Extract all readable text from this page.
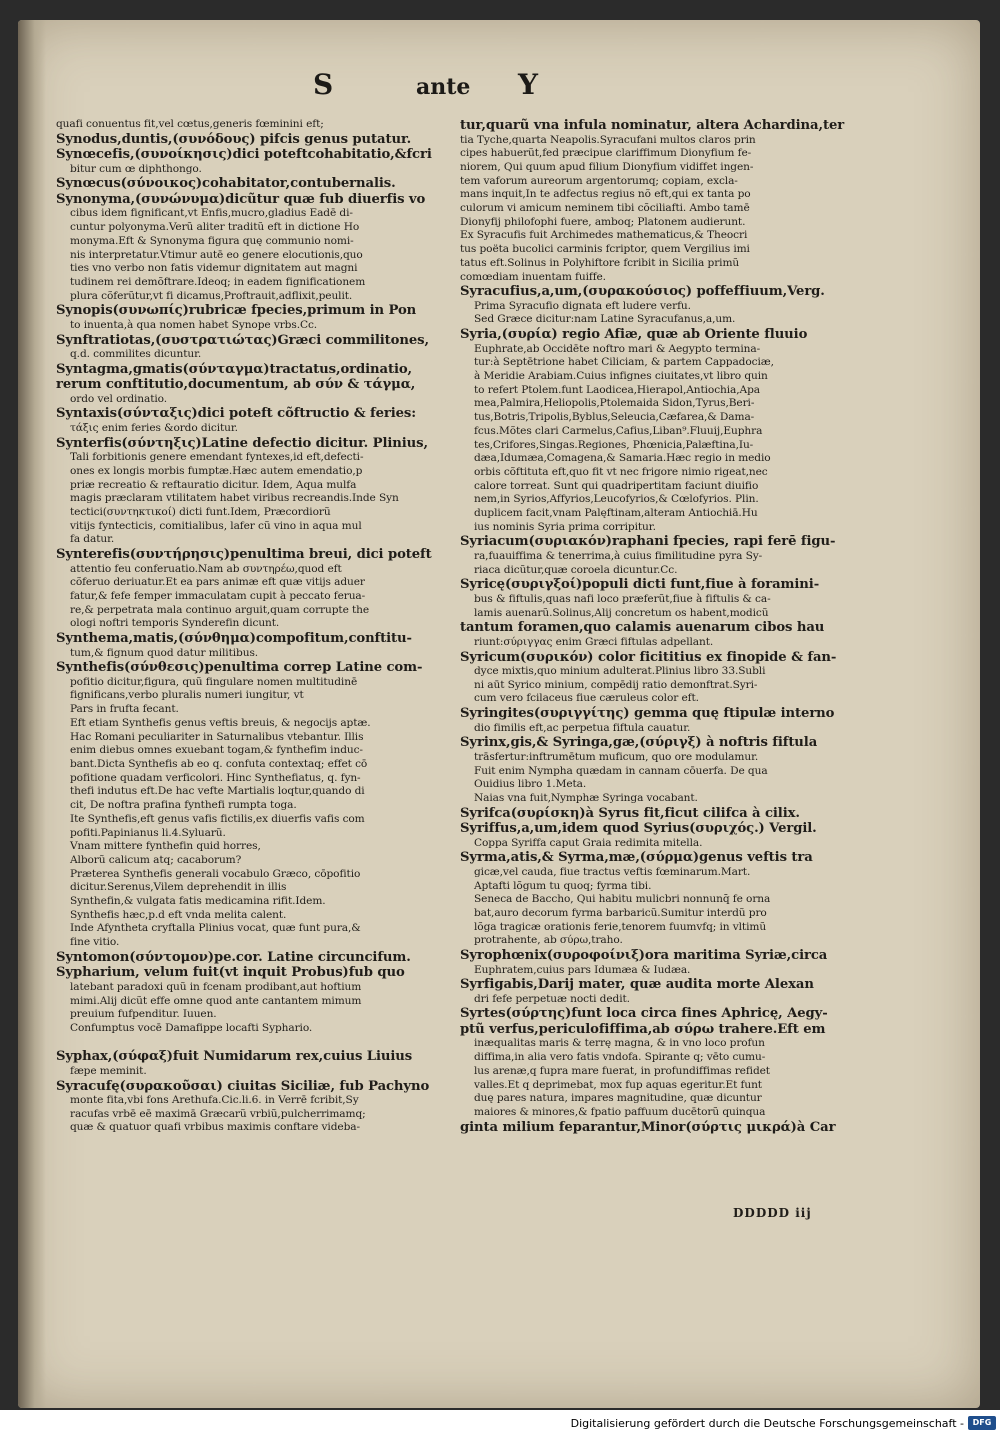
S	ante Y
quafi conuentus fit,vel cœtus,generis fœminini eft;
Synodus,duntis,(συνόδους) pifcis genus putatur.
Synœcefis,(συνοίκησις)dici poteftcohabitatio,&fcri
bitur cum œ diphthongo.
Synœcus(σύνοικος)cohabitator,contubernalis.
Synonyma,(συνώνυμα)dicũtur quæ fub diuerfis vo
cibus idem fignificant,vt Enfis,mucro,gladius Eadē di-
cuntur polyonyma.Verũ aliter traditũ eft in dictione Ho
monyma.Eft & Synonyma figura quę communio nomi-
nis interpretatur.Vtimur autē eo genere elocutionis,quo
ties vno verbo non fatis videmur dignitatem aut magni
tudinem rei demõftrare.Ideoq; in eadem fignificationem
plura cõferũtur,vt fi dicamus,Proftrauit,adflixit,peulit.
Synopis(συνωπίς)rubricæ fpecies,primum in Pon
to inuenta,à qua nomen habet Synope vrbs.Cc.
Synftratiotas,(συστρατιώτας)Græci commilitones,
q.d. commilites dicuntur.
Syntagma,gmatis(σύνταγμα)tractatus,ordinatio,
rerum conftitutio,documentum, ab σύν & τάγμα,
ordo vel ordinatio.
Syntaxis(σύνταξις)dici poteft cõftructio & feries:
τάξις enim feries &ordo dicitur.
Synterfis(σύντηξις)Latine defectio dicitur. Plinius,
Tali forbitionis genere emendant fyntexes,id eft,defecti-
ones ex longis morbis fumptæ.Hæc autem emendatio,p
priæ recreatio & reftauratio dicitur. Idem, Aqua mulfa
magis præclaram vtilitatem habet viribus recreandis.Inde Syn
tectici(συντηκτικοί) dicti funt.Idem, Præcordiorũ
vitijs fyntecticis, comitialibus, lafer cũ vino in aqua mul
fa datur.
Synterefis(συντήρησις)penultima breui, dici poteft
attentio feu conferuatio.Nam ab συντηρέω,quod eft
cõferuo deriuatur.Et ea pars animæ eft quæ vitijs aduer
fatur,& fefe femper immaculatam cupit à peccato feruа-
re,& perpetrata mala continuo arguit,quam corrupte the
ologi noftri temporis Synderefin dicunt.
Synthema,matis,(σύνθημα)compofitum,conftitu-
tum,& fignum quod datur militibus.
Synthefis(σύνθεσις)penultima correp Latine com-
pofitio dicitur,figura, quũ fingulare nomen multitudinē
fignificans,verbo pluralis numeri iungitur, vt
Pars in frufta fecant.
Eft etiam Synthefis genus veftis breuis, & negocijs aptæ.
Hac Romani peculiariter in Saturnalibus vtebantur. Illis
enim diebus omnes exuebant togam,& fynthefim induc-
bant.Dicta Synthefis ab eo q. confuta contextaq; effet cō
pofitione quadam verficolori. Hinc Synthefiatus, q. fyn-
thefi indutus eft.De hac vefte Martialis loqtur,quando di
cit, De noftra prafina fynthefi rumpta toga.
Ite Synthefis,eft genus vafis fictilis,ex diuerfis vafis com
pofiti.Papinianus li.4.Syluarũ.
Vnam mittere fynthefin quid horres,
Alborũ calicum atq; cacaborum?
Præterea Synthefis generali vocabulo Græco, cōpofitio
dicitur.Serenus,Vilem deprehendit in illis
Synthefin,& vulgata fatis medicamina rifit.Idem.
Synthefis hæc,p.d eft vnda melita calent.
Inde Afyntheta cryftalla Plinius vocat, quæ funt pura,&
fine vitio.
Syntomon(σύντομον)pe.cor. Latine circuncifum.
Sypharium, velum fuit(vt inquit Probus)fub quo
latebant paradoxi quũ in fcenam prodibant,aut hoftium
mimi.Alij dicũt effe omne quod ante cantantem mimum
preuium fufpenditur. Iuuen.
Confumptus vocē Damafippe locafti Syphario.

Syphax,(σύφαξ)fuit Numidarum rex,cuius Liuius
fæpe meminit.
Syracufę(συρακοῦσαι) ciuitas Siciliæ, fub Pachyno
monte fita,vbi fons Arethufa.Cic.li.6. in Verrē fcribit,Sy
racufas vrbē eē maximā Græcarũ vrbiũ,pulcherrimamq;
quæ & quatuor quafi vrbibus maximis conftare videba-
tur,quarũ vna infula nominatur, altera Achardina,ter
tia Tyche,quarta Neapolis.Syracufani multos claros prin
cipes habuerũt,fed præcipue clariffimum Dionyfium fe-
niorem, Qui quum apud filium Dionyfium vidiffet ingen-
tem vaforum aureorum argentorumq; copiam, excla-
mans inquit,In te adfectus regius nõ eft,qui ex tanta po
culorum vi amicum neminem tibi cõciliafti. Ambo tamē
Dionyfij philofophi fuere, amboq; Platonem audierunt.
Ex Syracufis fuit Archimedes mathematicus,& Theocri
tus poëta bucolici carminis fcriptor, quem Vergilius imi
tatus eft.Solinus in Polyhiftore fcribit in Sicilia primũ
comœdiam inuentam fuiffe.
Syracufius,a,um,(συρακούσιος) poffeffiuum,Verg.
Prima Syracufio dignata eft ludere verfu.
Sed Græce dicitur:nam Latine Syracufanus,a,um.
Syria,(συρία) regio Afiæ, quæ ab Oriente fluuio
Euphrate,ab Occidēte noftro mari & Aegypto termina-
tur:à Septētrione habet Ciliciam, & partem Cappadociæ,
à Meridie Arabiam.Cuius infignes ciuitates,vt libro quin
to refert Ptolem.funt Laodicea,Hierapol,Antiochia,Apa
mea,Palmira,Heliopolis,Ptolemaida Sidon,Tyrus,Beri-
tus,Botris,Tripolis,Byblus,Seleucia,Cæfarea,& Dama-
fcus.Mõtes clari Carmelus,Cafius,Liban⁹.Fluuij,Euphra
tes,Crifores,Singas.Regiones, Phœnicia,Palæftina,Iu-
dæa,Idumæa,Comagena,& Samaria.Hæc regio in medio
orbis cõftituta eft,quo fit vt nec frigore nimio rigeat,nec
calore torreat. Sunt qui quadripertitam faciunt diuifio
nem,in Syrios,Affyrios,Leucofyrios,& Cœlofyrios. Plin.
duplicem facit,vnam Palęftinam,alteram Antiochiā.Hu
ius nominis Syria prima corripitur.
Syriacum(συριακόν)raphani fpecies, rapi ferē figu-
ra,fuauiffima & tenerrima,à cuius fimilitudine pyra Sy-
riaca dicũtur,quæ coroela dicuntur.Cc.
Syricę(συριγξοί)populi dicti funt,fiue à foramini-
bus & fiftulis,quas nafi loco præferũt,fiue à fiftulis & ca-
lamis auenarũ.Solinus,Alij concretum os habent,modicũ
tantum foramen,quo calamis auenarum cibos hau
riunt:σύριγγας enim Græci fiftulas adpellant.
Syricum(συρικόν) color ficititius ex finopide & fan-
dyce mixtis,quo minium adulterat.Plinius libro 33.Subli
ni aūt Syrico minium, compēdij ratio demonftrat.Syri-
cum vero fcilaceus fiue cæruleus color eft.
Syringites(συριγγίτης) gemma quę ftipulæ interno
dio fimilis eft,ac perpetua fiftula cauatur.
Syrinx,gis,& Syringa,gæ,(σύριγξ) à noftris fiftula
trāsfertur:inftrumētum muficum, quo ore modulamur.
Fuit enim Nympha quædam in cannam cōuerfa. De qua
Ouidius libro 1.Meta.
Naias vna fuit,Nymphæ Syringa vocabant.
Syrifca(συρίσκη)à Syrus fit,ficut cilifca à cilix.
Syriffus,a,um,idem quod Syrius(συριχός.) Vergil.
Coppa Syriffa caput Graia redimita mitella.
Syrma,atis,& Syrma,mæ,(σύρμα)genus veftis tra
gicæ,vel cauda, fiue tractus veftis fœminarum.Mart.
Aptafti lõgum tu quoq; fyrma tibi.
Seneca de Baccho, Qui habitu mulicbri nonnunq̄ fe orna
bat,auro decorum fyrma barbaricũ.Sumitur interdũ pro
lõga tragicæ orationis ferie,tenorem fuumvfq; in vltimũ
protrahente, ab σύρω,traho.
Syrophœnix(συροφοίνιξ)ora maritima Syriæ,circa
Euphratem,cuius pars Idumæa & Iudæa.
Syrfigabis,Darij mater, quæ audita morte Alexan
dri fefe perpetuæ nocti dedit.
Syrtes(σύρτης)funt loca circa fines Aphricę, Aegy-
ptũ verfus,periculofiffima,ab σύρω trahere.Eft em
inæqualitas maris & terrę magna, & in vno loco profun
diffima,in alia vero fatis vndofa. Spirante q; vēto cumu-
lus arenæ,q fupra mare fuerat, in profundiffimas refidet
valles.Et q deprimebat, mox fup aquas egeritur.Et funt
duę pares natura, impares magnitudine, quæ dicuntur
maiores & minores,& fpatio paffuum ducētorũ quinqua
ginta milium feparantur,Minor(σύρτις μικρά)à Car
DDDDD iij
Digitalisierung gefördert durch die Deutsche Forschungsgemeinschaft -	DFG
